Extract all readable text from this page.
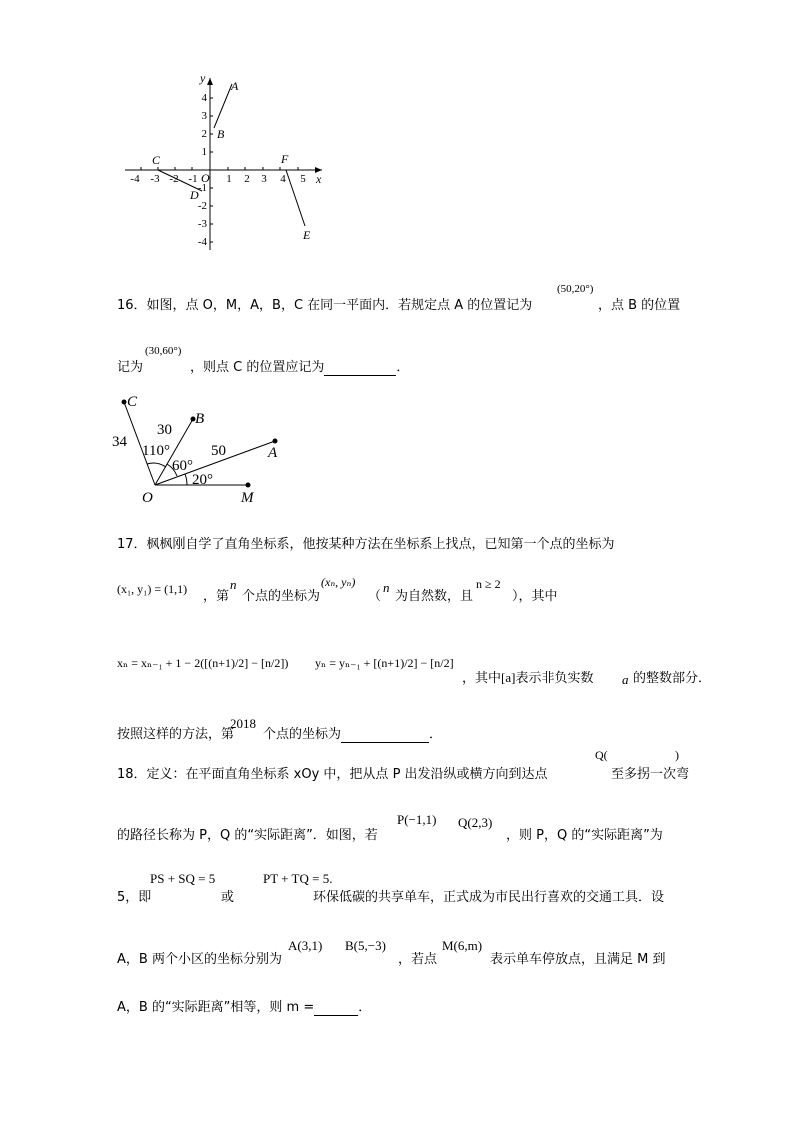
-4 -3 -2 -1	1 2 3 4 5
4
3
2
1
-1
-2
-3
-4
x
y
O
A
B
C
D
E
F
16．如图，点 O，M，A，B，C 在同一平面内．若规定点 A 的位置记为
(50,20°)
，点 B 的位置
记为
(30,60°)
，则点 C 的位置应记为	．
C
B
A
O	M
34
30
50
110°
60°
20°
17．枫枫刚自学了直角坐标系，他按某种方法在坐标系上找点，已知第一个点的坐标为
(x₁, y₁) = (1,1) ，第
n
个点的坐标为
(xₙ, yₙ)
（
n
为自然数，且
n ≥ 2
），其中
xₙ = xₙ₋₁ + 1 − 2([(n+1)/2] − [n/2]) yₙ = yₙ₋₁ + [(n+1)/2] − [n/2]
，其中[a]表示非负实数 a 的整数部分．
按照这样的方法，第
2018
个点的坐标为	．
18．定义：在平面直角坐标系 xOy 中，把从点 P 出发沿纵或横方向到达点
Q(	)
至多拐一次弯
的路径长称为 P，Q 的“实际距离”．如图，若
P(−1,1) Q(2,3)
，则 P，Q 的“实际距离”为
5，即
PS + SQ = 5
或
PT + TQ = 5.
环保低碳的共享单车，正式成为市民出行喜欢的交通工具．设
A，B 两个小区的坐标分别为
A(3,1) B(5,−3)
，若点
M(6,m)
表示单车停放点，且满足 M 到
A，B 的“实际距离”相等，则 m =	．
